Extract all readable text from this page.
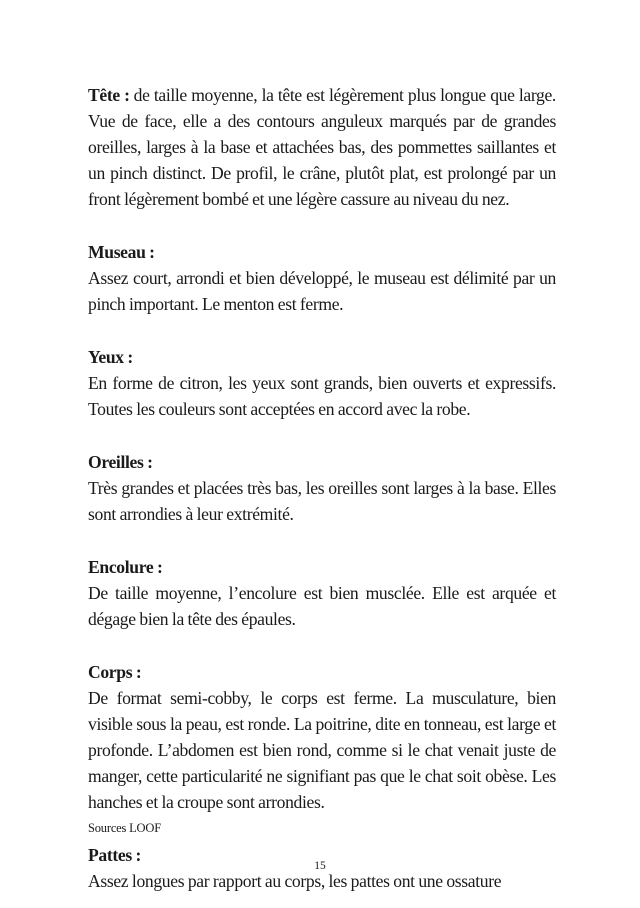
Tête : de taille moyenne, la tête est légèrement plus longue que large. Vue de face, elle a des contours anguleux marqués par de grandes oreilles, larges à la base et attachées bas, des pommettes saillantes et un pinch distinct. De profil, le crâne, plutôt plat, est prolongé par un front légèrement bombé et une légère cassure au niveau du nez.

Museau :

Assez court, arrondi et bien développé, le museau est délimité par un pinch important. Le menton est ferme.

Yeux :

En forme de citron, les yeux sont grands, bien ouverts et expressifs. Toutes les couleurs sont acceptées en accord avec la robe.

Oreilles :

Très grandes et placées très bas, les oreilles sont larges à la base. Elles sont arrondies à leur extrémité.

Encolure :

De taille moyenne, l’encolure est bien musclée. Elle est arquée et dégage bien la tête des épaules.

Corps :

De format semi-cobby, le corps est ferme. La musculature, bien visible sous la peau, est ronde. La poitrine, dite en tonneau, est large et profonde. L’abdomen est bien rond, comme si le chat venait juste de manger, cette particularité ne signifiant pas que le chat soit obèse. Les hanches et la croupe sont arrondies.

Pattes :

Assez longues par rapport au corps, les pattes ont une ossature

Sources LOOF
15
